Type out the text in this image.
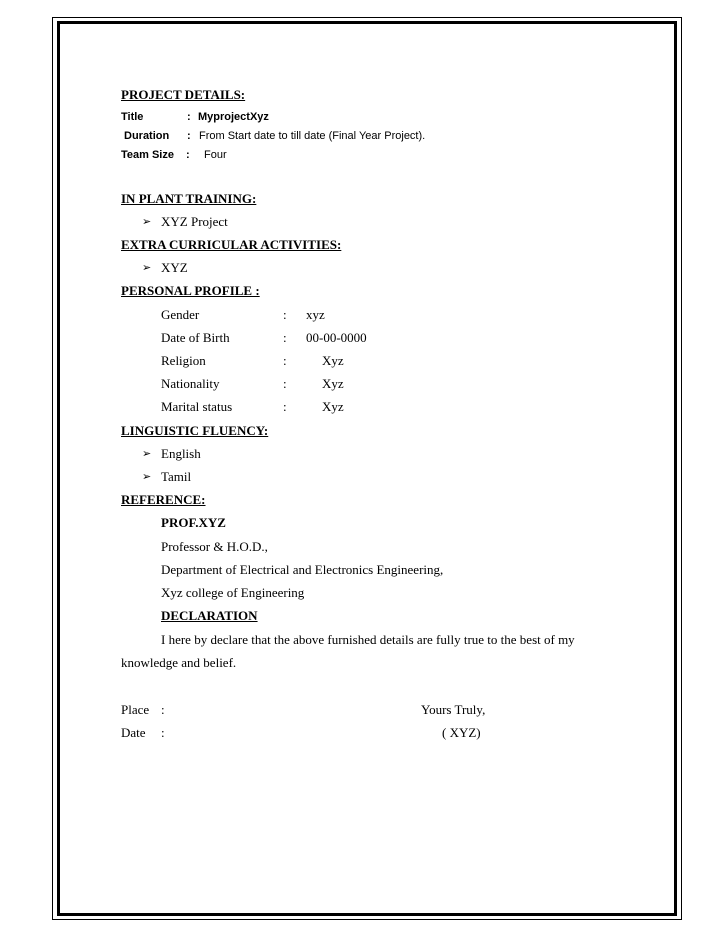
PROJECT DETAILS:
Title	: MyprojectXyz
Duration : From Start date to till date (Final Year Project).
Team Size : Four
IN PLANT TRAINING:
➢ XYZ Project
EXTRA CURRICULAR ACTIVITIES:
➢ XYZ
PERSONAL PROFILE :
Gender	: xyz
Date of Birth	: 00-00-0000
Religion	:	Xyz
Nationality	:	Xyz
Marital status	:	Xyz
LINGUISTIC FLUENCY:
➢ English
➢ Tamil
REFERENCE:
PROF.XYZ
Professor & H.O.D.,
Department of Electrical and Electronics Engineering,
Xyz college of Engineering
DECLARATION
I here by declare that the above furnished details are fully true to the best of my
knowledge and belief.
Place :	Yours Truly,
Date :	( XYZ)
